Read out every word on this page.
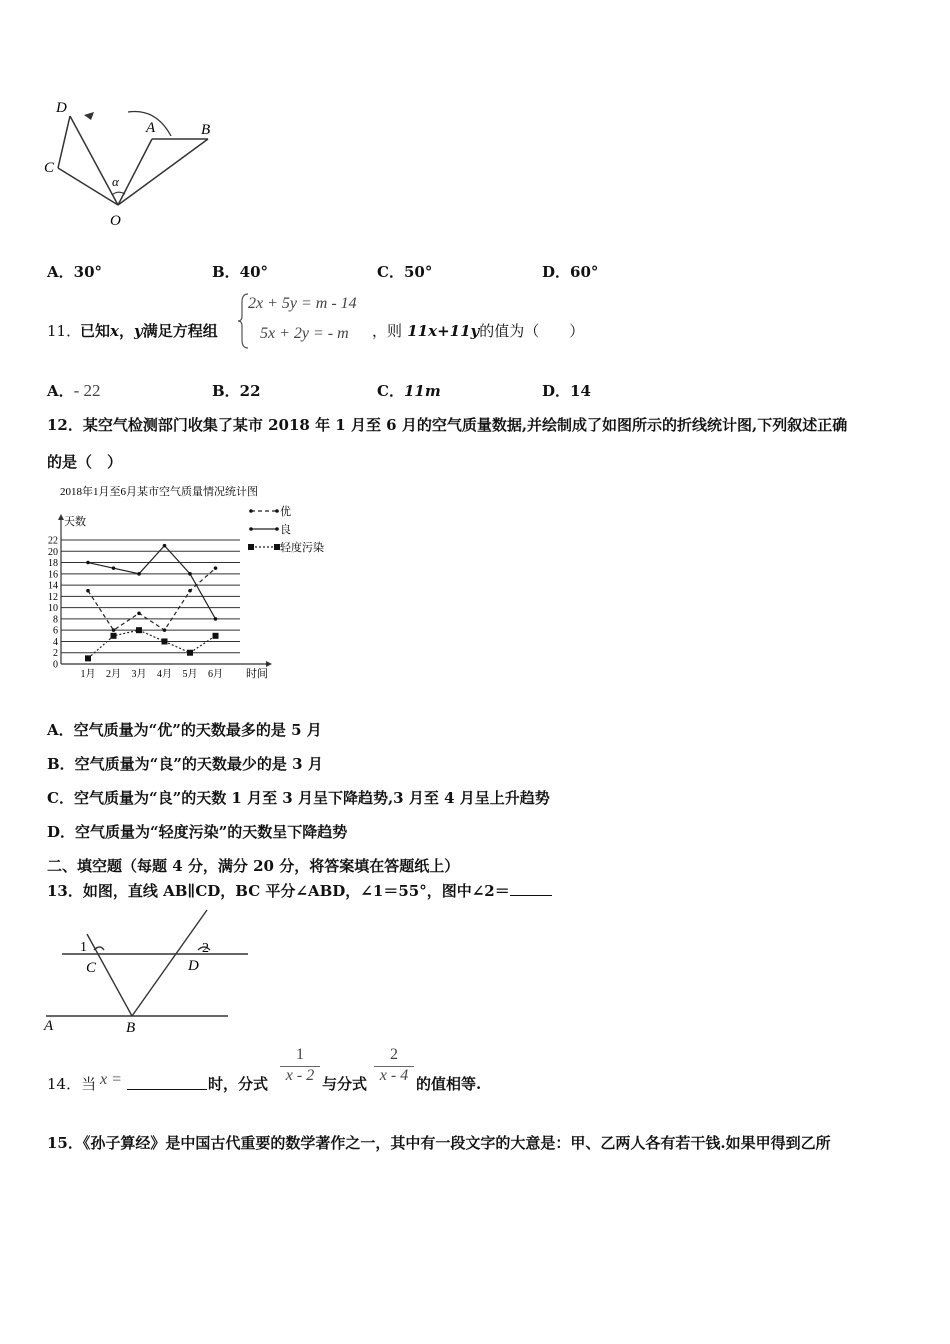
D
C
A	B
O
α
A．30°	B．40°	C．50°	D．60°
11．
已知x，y满足方程组
2x + 5y = m - 14
5x + 2y = - m ，则 11x+11y的值为（　　）
A．- 22	B．22	C．11m	D．14
12．某空气检测部门收集了某市 2018 年 1 月至 6 月的空气质量数据,并绘制成了如图所示的折线统计图,下列叙述正确
的是（　）
2018年1月至6月某市空气质量情况统计图
天数
时间
0
2
4
6
8
10
12
14
16
18
20
22
1月 2月 3月 4月 5月 6月
优
良
轻度污染
A．空气质量为“优”的天数最多的是 5 月
B．空气质量为“良”的天数最少的是 3 月
C．空气质量为“良”的天数 1 月至 3 月呈下降趋势,3 月至 4 月呈上升趋势
D．空气质量为“轻度污染”的天数呈下降趋势
二、填空题（每题 4 分，满分 20 分，将答案填在答题纸上）
13．如图，直线 AB∥CD，BC 平分∠ABD，∠1＝55°，图中∠2＝
1	2
C	D
A	B
14．当 x =	时，分式
1
x - 2 与分式
2
x - 4 的值相等.
15．《孙子算经》是中国古代重要的数学著作之一，其中有一段文字的大意是：甲、乙两人各有若干钱.如果甲得到乙所
